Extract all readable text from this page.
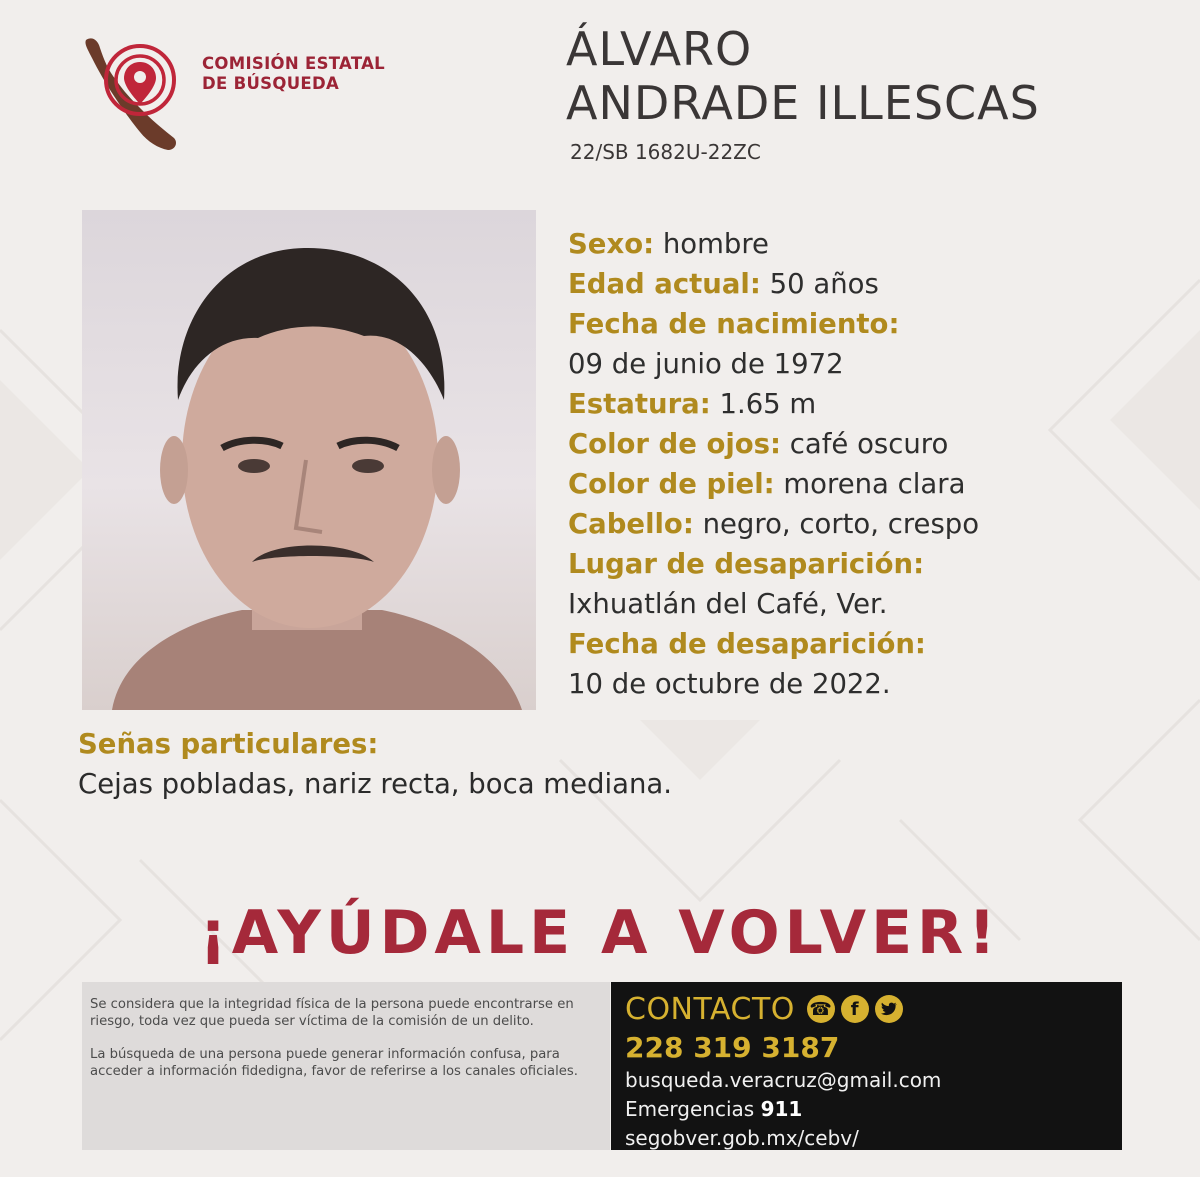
COMISIÓN ESTATAL
DE BÚSQUEDA
ÁLVARO
ANDRADE ILLESCAS
22/SB 1682U-22ZC
Sexo: hombre
Edad actual: 50 años
Fecha de nacimiento:
09 de junio de 1972
Estatura: 1.65 m
Color de ojos: café oscuro
Color de piel: morena clara
Cabello: negro, corto, crespo
Lugar de desaparición:
Ixhuatlán del Café, Ver.
Fecha de desaparición:
10 de octubre de 2022.
Señas particulares:
Cejas pobladas, nariz recta, boca mediana.
¡AYÚDALE A VOLVER!

Se considera que la integridad física de la persona puede encontrarse en riesgo, toda vez que pueda ser víctima de la comisión de un delito.

La búsqueda de una persona puede generar información confusa, para acceder a información fidedigna, favor de referirse a los canales oficiales.

CONTACTO ☎	f
228 319 3187
busqueda.veracruz@gmail.com
Emergencias 911
segobver.gob.mx/cebv/
